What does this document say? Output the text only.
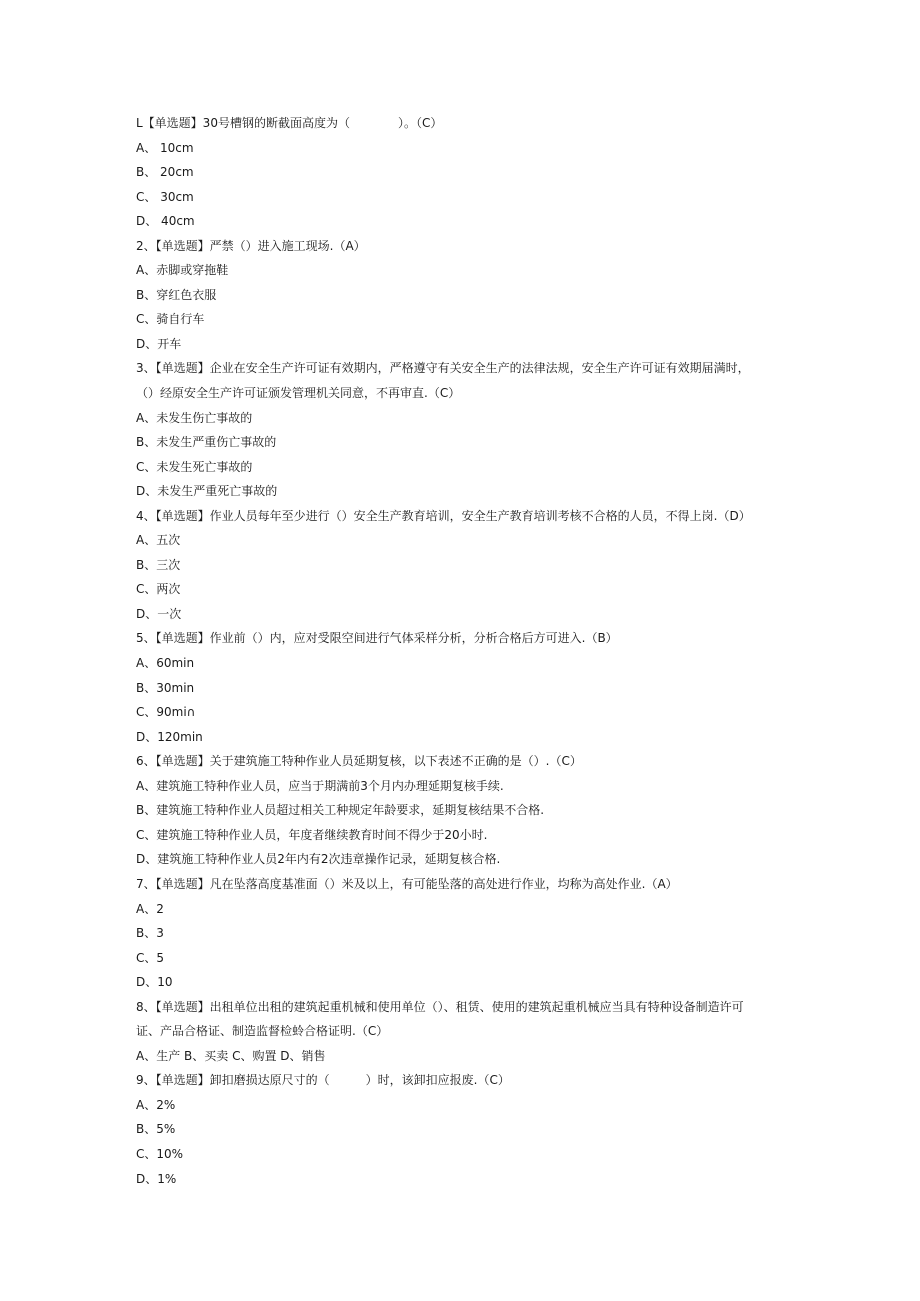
L【单选题】30号槽钢的断截面高度为（　　　　）。（C）
A、 10cm
B、 20cm
C、 30cm
D、 40cm
2、【单选题】严禁（）进入施工现场.（A）
A、赤脚或穿拖鞋
B、穿红色衣服
C、骑自行车
D、开车
3、【单选题】企业在安全生产许可证有效期内，严格遵守有关安全生产的法律法规，安全生产许可证有效期届满时，
（）经原安全生产许可证颁发管理机关同意，不再审直.（C）
A、未发生伤亡事故的
B、未发生严重伤亡事故的
C、未发生死亡事故的
D、未发生严重死亡事故的
4、【单选题】作业人员每年至少进行（）安全生产教育培训，安全生产教育培训考核不合格的人员，不得上岗.（D）
A、五次
B、三次
C、两次
D、一次
5、【单选题】作业前（）内，应对受限空间进行气体采样分析，分析合格后方可进入.（B）
A、60min
B、30min
C、90mi∩
D、120min
6、【单选题】关于建筑施工特种作业人员延期复核，以下表述不正确的是（）.（C）
A、建筑施工特种作业人员，应当于期满前3个月内办理延期复核手续.
B、建筑施工特种作业人员超过相关工种规定年龄要求，延期复核结果不合格.
C、建筑施工特种作业人员，年度者继续教育时间不得少于20小时.
D、建筑施工特种作业人员2年内有2次违章操作记录，延期复核合格.
7、【单选题】凡在坠落高度基准面（）米及以上，有可能坠落的高处进行作业，均称为高处作业.（A）
A、2
B、3
C、5
D、10
8、【单选题】出租单位出租的建筑起重机械和使用单位（）、租赁、使用的建筑起重机械应当具有特种设备制造许可
证、产品合格证、制造监督检蛉合格证明.（C）
A、生产 B、买卖 C、购置 D、销售
9、【单选题】卸扣磨损达原尺寸的（　　　）时，该卸扣应报废.（C）
A、2%
B、5%
C、10%
D、1%
